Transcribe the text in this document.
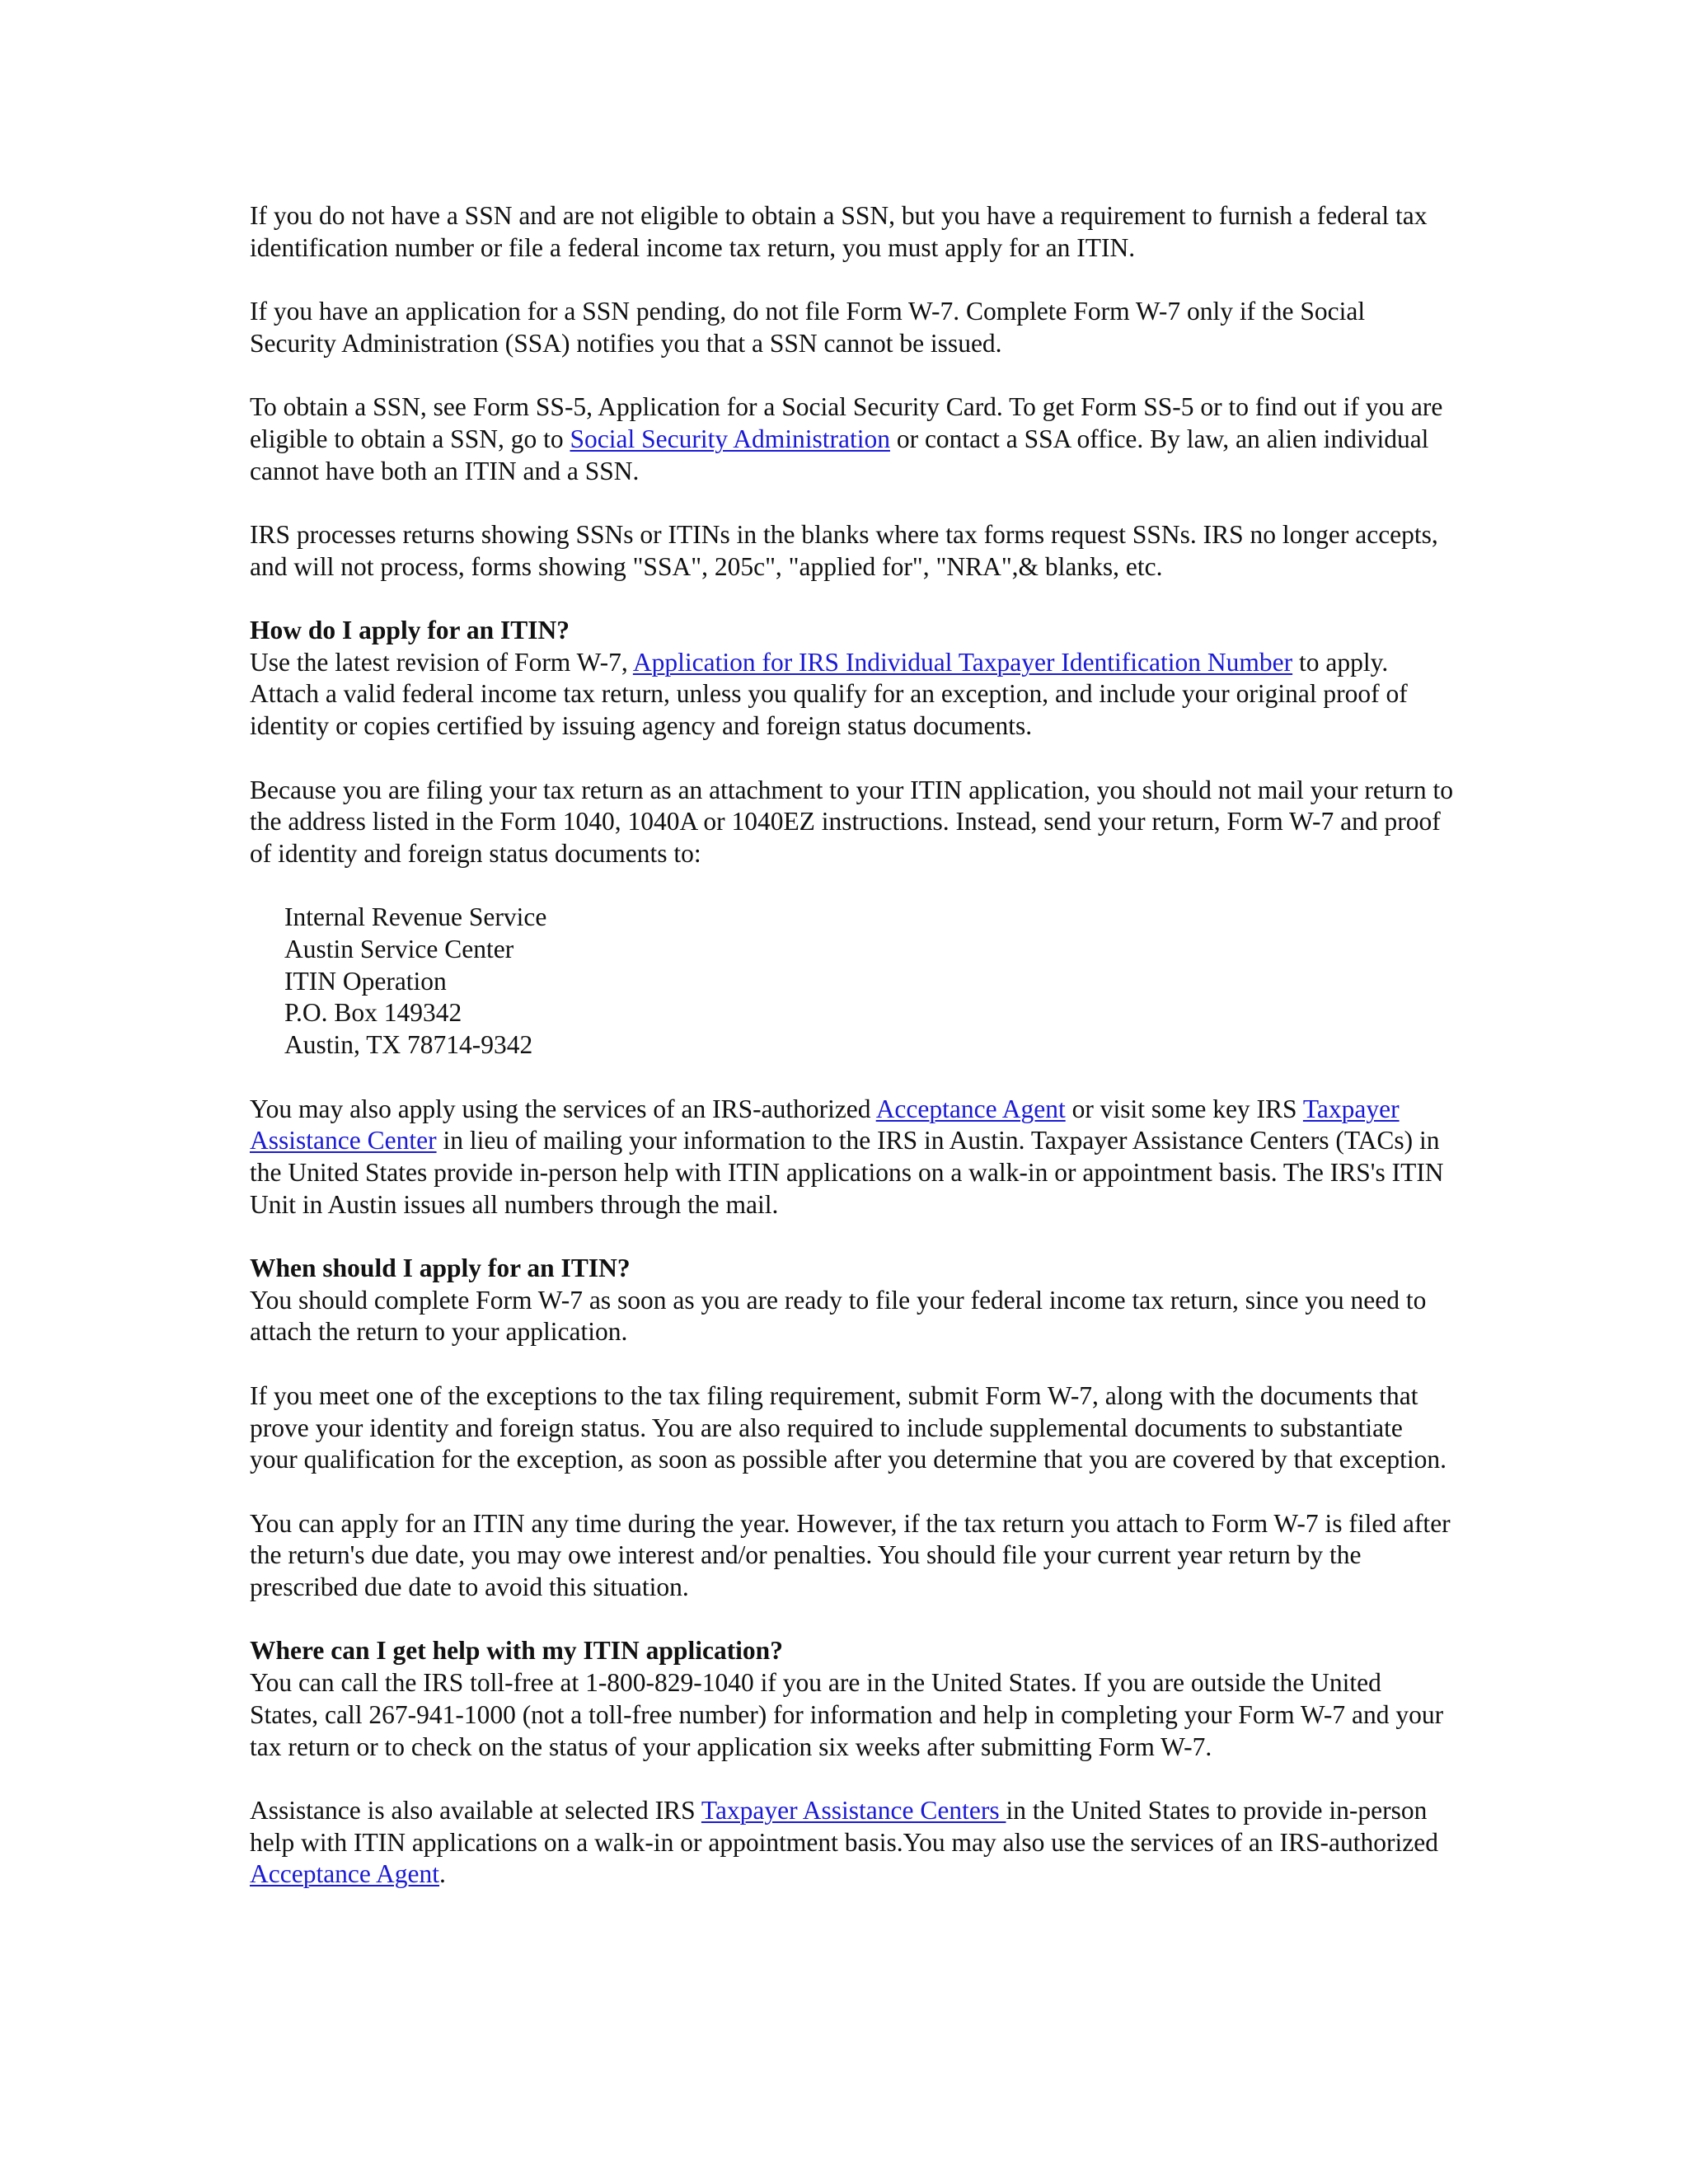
If you do not have a SSN and are not eligible to obtain a SSN, but you have a requirement to furnish a federal tax identification number or file a federal income tax return, you must apply for an ITIN.

If you have an application for a SSN pending, do not file Form W-7. Complete Form W-7 only if the Social Security Administration (SSA) notifies you that a SSN cannot be issued.

To obtain a SSN, see Form SS-5, Application for a Social Security Card. To get Form SS-5 or to find out if you are eligible to obtain a SSN, go to Social Security Administration or contact a SSA office. By law, an alien individual cannot have both an ITIN and a SSN.

IRS processes returns showing SSNs or ITINs in the blanks where tax forms request SSNs. IRS no longer accepts, and will not process, forms showing "SSA", 205c", "applied for", "NRA",& blanks, etc.

How do I apply for an ITIN?
Use the latest revision of Form W-7, Application for IRS Individual Taxpayer Identification Number to apply. Attach a valid federal income tax return, unless you qualify for an exception, and include your original proof of identity or copies certified by issuing agency and foreign status documents.

Because you are filing your tax return as an attachment to your ITIN application, you should not mail your return to the address listed in the Form 1040, 1040A or 1040EZ instructions. Instead, send your return, Form W-7 and proof of identity and foreign status documents to:

Internal Revenue Service
Austin Service Center
ITIN Operation
P.O. Box 149342
Austin, TX 78714-9342

You may also apply using the services of an IRS-authorized Acceptance Agent or visit some key IRS Taxpayer Assistance Center in lieu of mailing your information to the IRS in Austin. Taxpayer Assistance Centers (TACs) in the United States provide in-person help with ITIN applications on a walk-in or appointment basis. The IRS's ITIN Unit in Austin issues all numbers through the mail.

When should I apply for an ITIN?
You should complete Form W-7 as soon as you are ready to file your federal income tax return, since you need to attach the return to your application.

If you meet one of the exceptions to the tax filing requirement, submit Form W-7, along with the documents that prove your identity and foreign status. You are also required to include supplemental documents to substantiate your qualification for the exception, as soon as possible after you determine that you are covered by that exception.

You can apply for an ITIN any time during the year. However, if the tax return you attach to Form W-7 is filed after the return's due date, you may owe interest and/or penalties. You should file your current year return by the prescribed due date to avoid this situation.

Where can I get help with my ITIN application?
You can call the IRS toll-free at 1-800-829-1040 if you are in the United States. If you are outside the United States, call 267-941-1000 (not a toll-free number) for information and help in completing your Form W-7 and your tax return or to check on the status of your application six weeks after submitting Form W-7.

Assistance is also available at selected IRS Taxpayer Assistance Centers in the United States to provide in-person help with ITIN applications on a walk-in or appointment basis.You may also use the services of an IRS-authorized Acceptance Agent.
